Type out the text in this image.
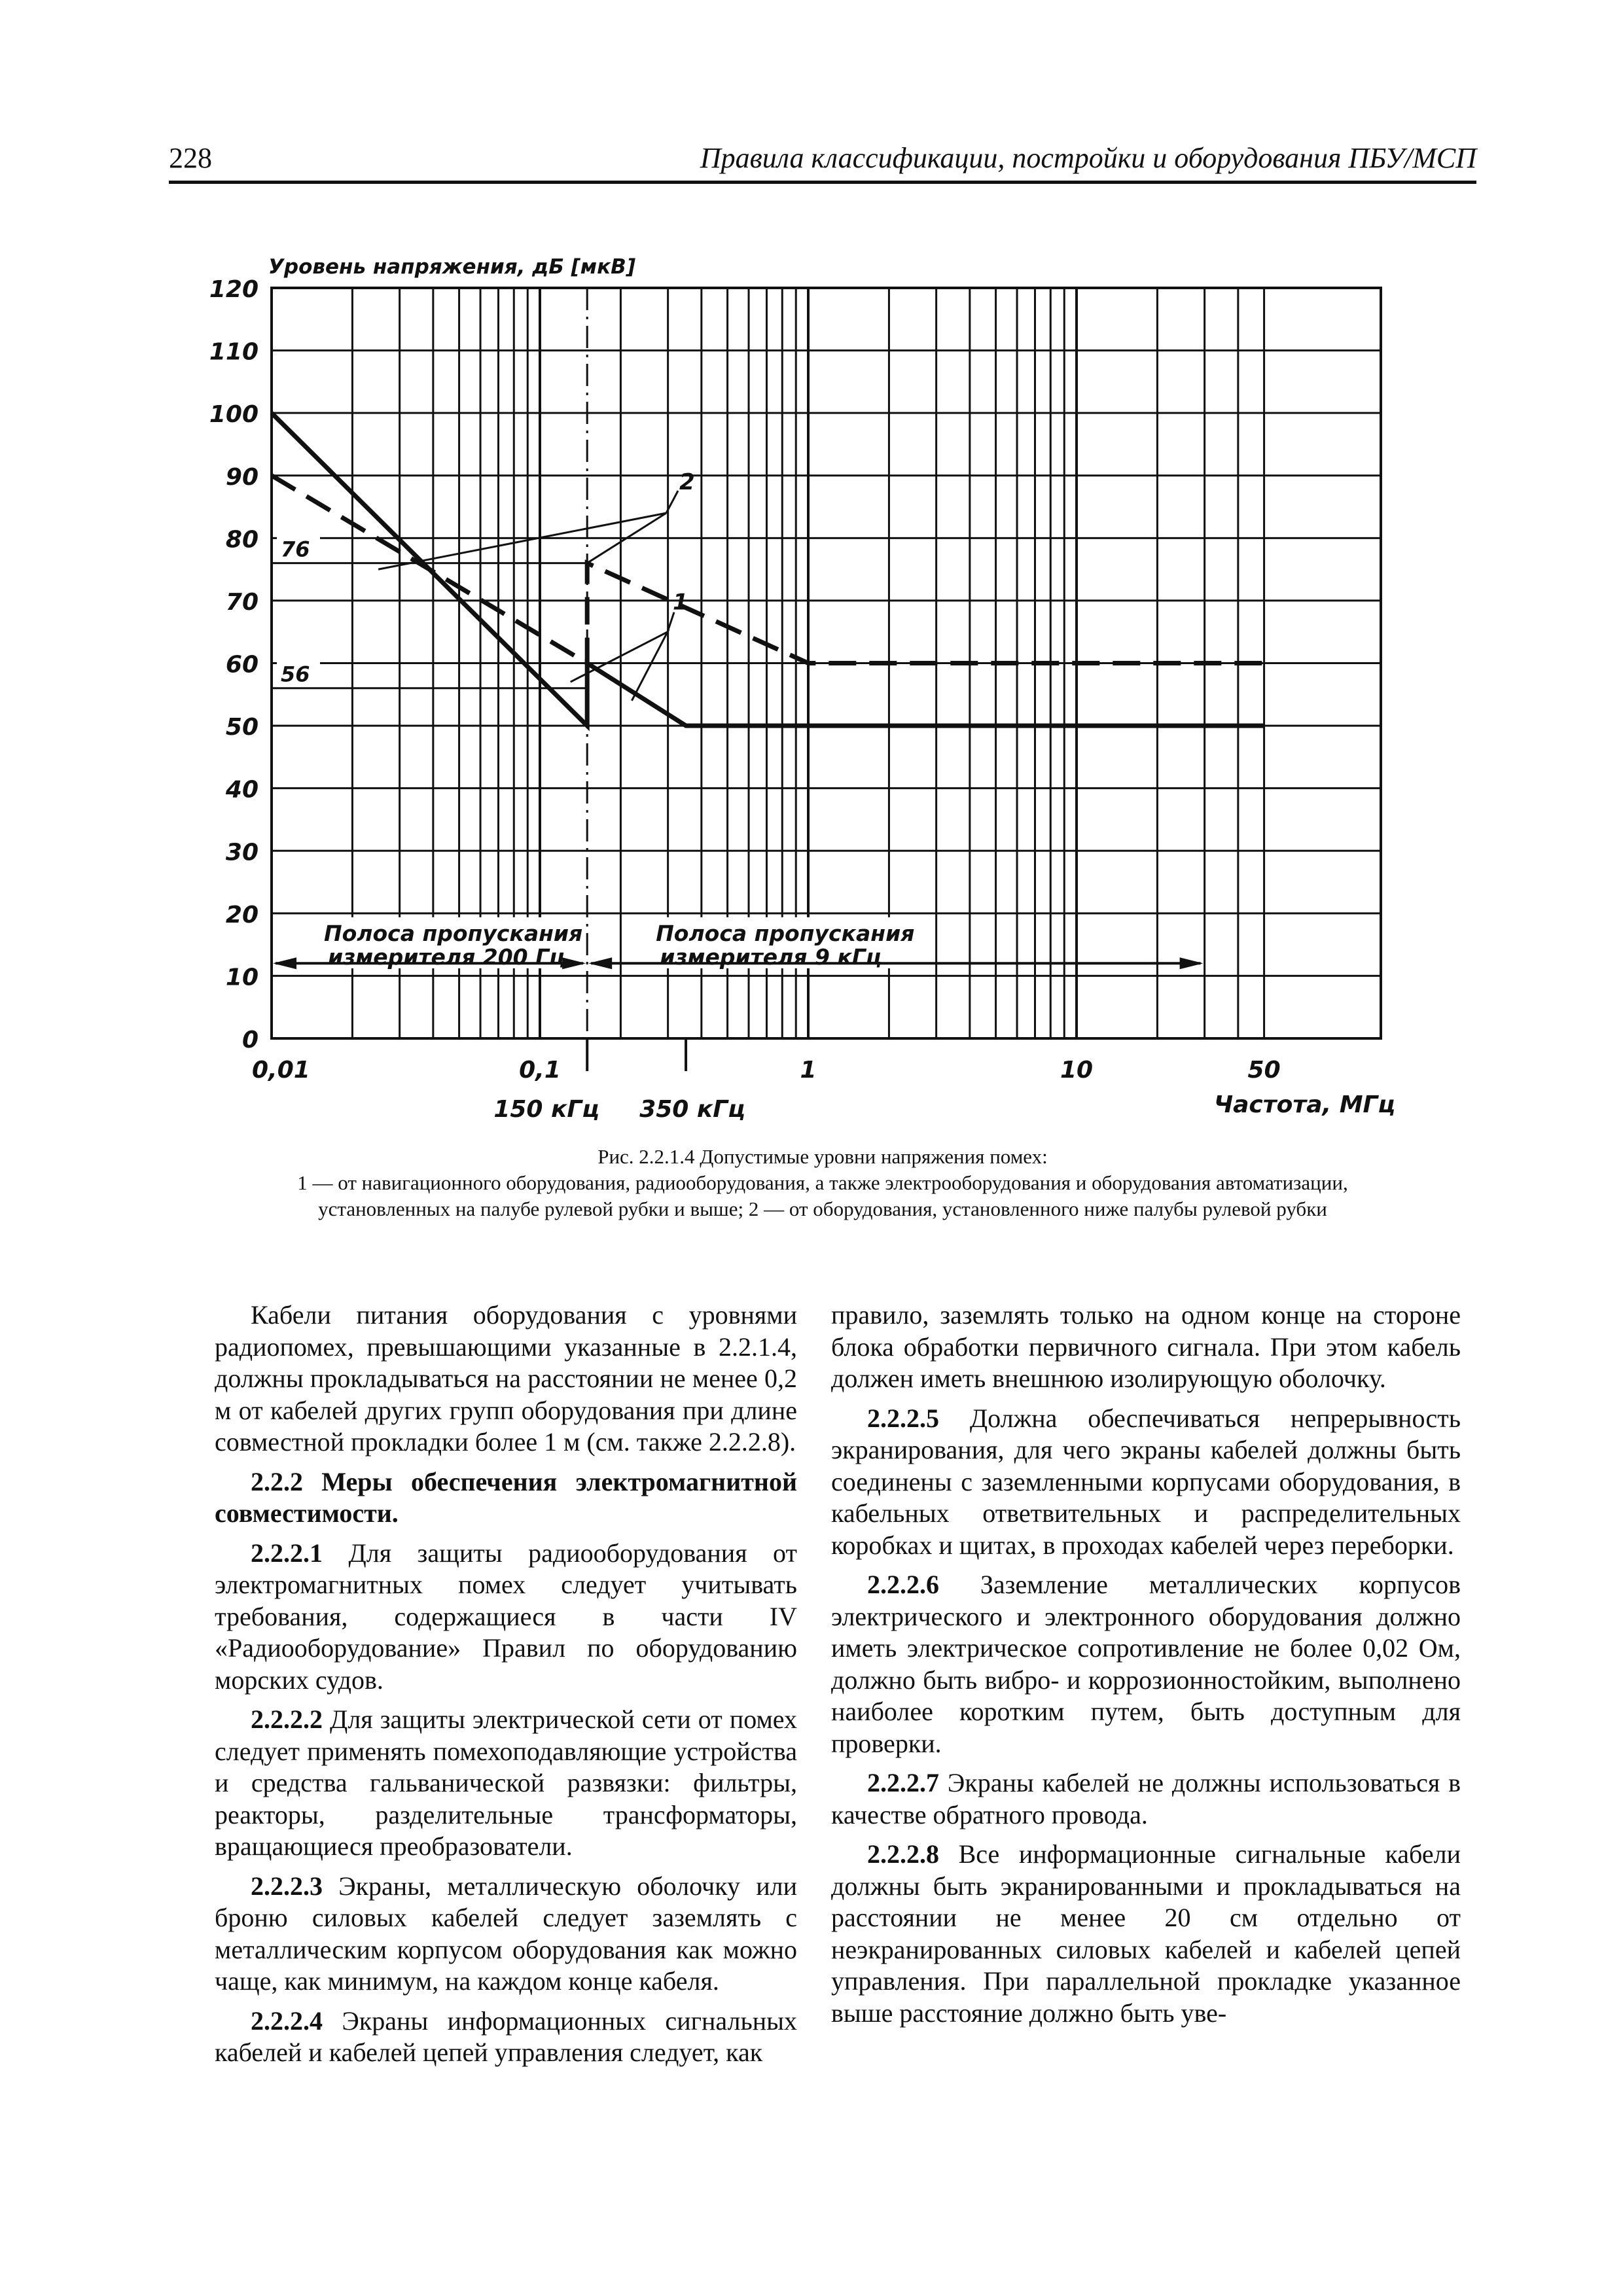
228	Правила классификации, постройки и оборудования ПБУ/МСП
Уровень напряжения, дБ [мкВ]
Частота, МГц
0
10
20
30
40
50
60
70
80
90
100
110
120
0,01	0,1	1	10	50
150 кГц 350 кГц
76
56
2
1
Полоса пропускания
измерителя 200 Гц
Полоса пропускания
измерителя 9 кГц
Рис. 2.2.1.4 Допустимые уровни напряжения помех:
1 — от навигационного оборудования, радиооборудования, а также электрооборудования и оборудования автоматизации,
установленных на палубе рулевой рубки и выше; 2 — от оборудования, установленного ниже палубы рулевой рубки

Кабели питания оборудования с уровнями радиопомех, превышающими указанные в 2.2.1.4, должны прокладываться на расстоянии не менее 0,2 м от кабелей других групп оборудования при длине совместной прокладки более 1 м (см. также 2.2.2.8).

2.2.2 Меры обеспечения электромагнитной совместимости.

2.2.2.1 Для защиты радиооборудования от электромагнитных помех следует учитывать требования, содержащиеся в части IV «Радиооборудование» Правил по оборудованию морских судов.

2.2.2.2 Для защиты электрической сети от помех следует применять помехоподавляющие устройства и средства гальванической развязки: фильтры, реакторы, разделительные трансформаторы, вращающиеся преобразователи.

2.2.2.3 Экраны, металлическую оболочку или броню силовых кабелей следует заземлять с металлическим корпусом оборудования как можно чаще, как минимум, на каждом конце кабеля.

2.2.2.4 Экраны информационных сигнальных кабелей и кабелей цепей управления следует, как

правило, заземлять только на одном конце на стороне блока обработки первичного сигнала. При этом кабель должен иметь внешнюю изолирующую оболочку.

2.2.2.5 Должна обеспечиваться непрерывность экранирования, для чего экраны кабелей должны быть соединены с заземленными корпусами оборудования, в кабельных ответвительных и распределительных коробках и щитах, в проходах кабелей через переборки.

2.2.2.6 Заземление металлических корпусов электрического и электронного оборудования должно иметь электрическое сопротивление не более 0,02 Ом, должно быть вибро- и коррозионностойким, выполнено наиболее коротким путем, быть доступным для проверки.

2.2.2.7 Экраны кабелей не должны использоваться в качестве обратного провода.

2.2.2.8 Все информационные сигнальные кабели должны быть экранированными и прокладываться на расстоянии не менее 20 см отдельно от неэкранированных силовых кабелей и кабелей цепей управления. При параллельной прокладке указанное выше расстояние должно быть уве-
